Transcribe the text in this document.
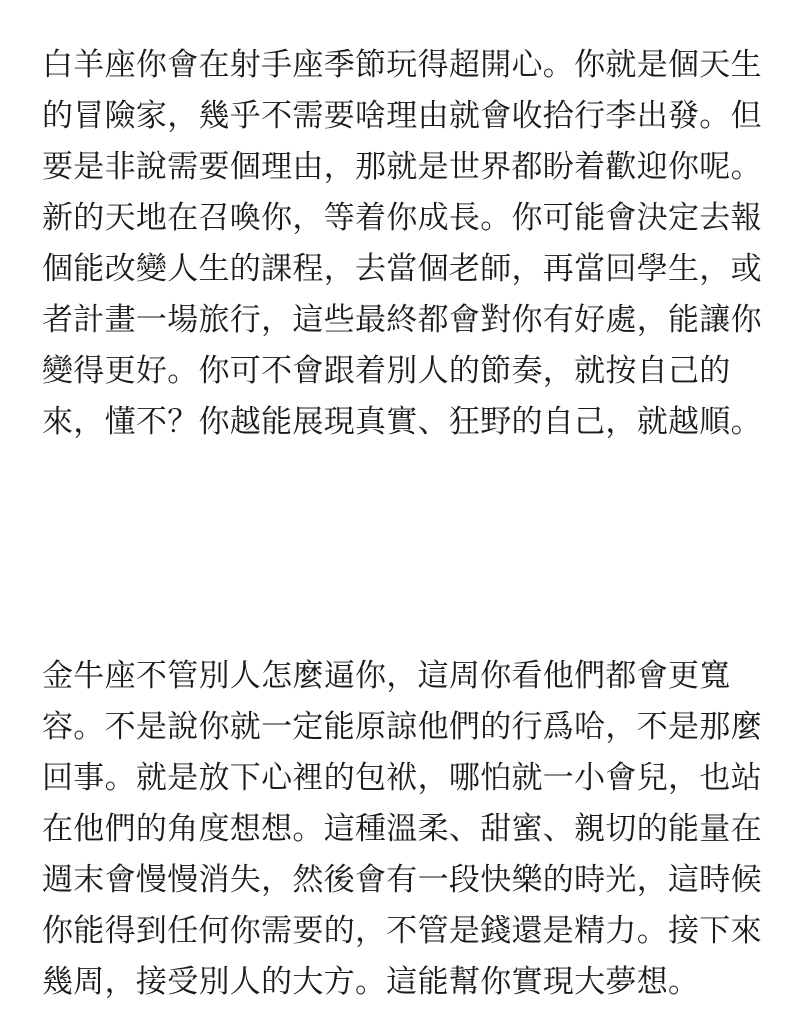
白羊座你會在射手座季節玩得超開心。你就是個天生
的冒險家，幾乎不需要啥理由就會收拾行李出發。但
要是非說需要個理由，那就是世界都盼着歡迎你呢。
新的天地在召喚你，等着你成長。你可能會決定去報
個能改變人生的課程，去當個老師，再當回學生，或
者計畫一場旅行，這些最終都會對你有好處，能讓你
變得更好。你可不會跟着別人的節奏，就按自己的
來，懂不？你越能展現真實、狂野的自己，就越順。

金牛座不管別人怎麼逼你，這周你看他們都會更寬
容。不是說你就一定能原諒他們的行爲哈，不是那麼
回事。就是放下心裡的包袱，哪怕就一小會兒，也站
在他們的角度想想。這種溫柔、甜蜜、親切的能量在
週末會慢慢消失，然後會有一段快樂的時光，這時候
你能得到任何你需要的，不管是錢還是精力。接下來
幾周，接受別人的大方。這能幫你實現大夢想。
